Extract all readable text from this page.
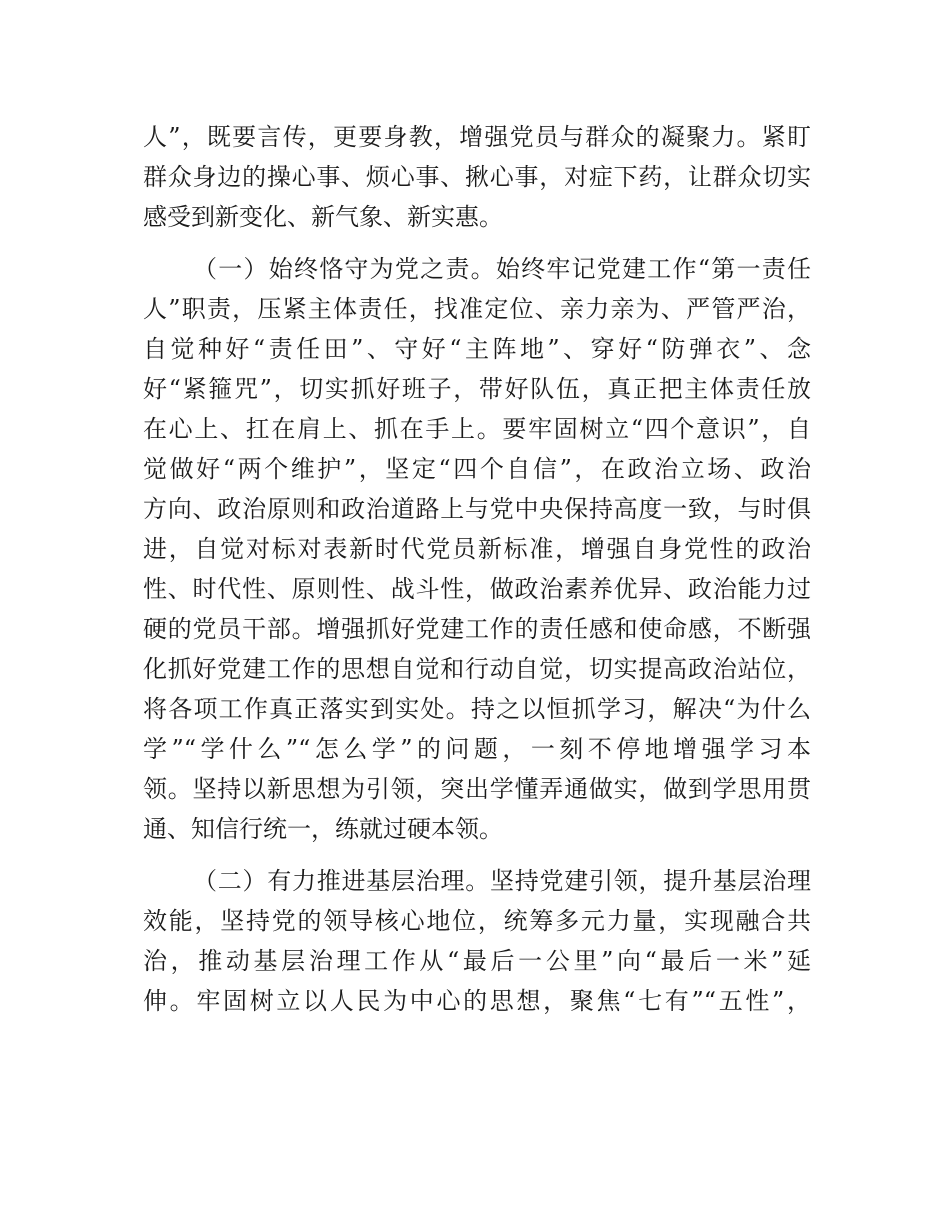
人”，既要言传，更要身教，增强党员与群众的凝聚力。紧盯
群众身边的操心事、烦心事、揪心事，对症下药，让群众切实
感受到新变化、新气象、新实惠。
（一）始终恪守为党之责。始终牢记党建工作“第一责任
人”职责，压紧主体责任，找准定位、亲力亲为、严管严治，
自觉种好“责任田”、守好“主阵地”、穿好“防弹衣”、念
好“紧箍咒”，切实抓好班子，带好队伍，真正把主体责任放
在心上、扛在肩上、抓在手上。要牢固树立“四个意识”，自
觉做好“两个维护”，坚定“四个自信”，在政治立场、政治
方向、政治原则和政治道路上与党中央保持高度一致，与时俱
进，自觉对标对表新时代党员新标准，增强自身党性的政治
性、时代性、原则性、战斗性，做政治素养优异、政治能力过
硬的党员干部。增强抓好党建工作的责任感和使命感，不断强
化抓好党建工作的思想自觉和行动自觉，切实提高政治站位，
将各项工作真正落实到实处。持之以恒抓学习，解决“为什么
学”“学什么”“怎么学”的问题，一刻不停地增强学习本
领。坚持以新思想为引领，突出学懂弄通做实，做到学思用贯
通、知信行统一，练就过硬本领。
（二）有力推进基层治理。坚持党建引领，提升基层治理
效能，坚持党的领导核心地位，统筹多元力量，实现融合共
治，推动基层治理工作从“最后一公里”向“最后一米”延
伸。牢固树立以人民为中心的思想，聚焦“七有”“五性”，
